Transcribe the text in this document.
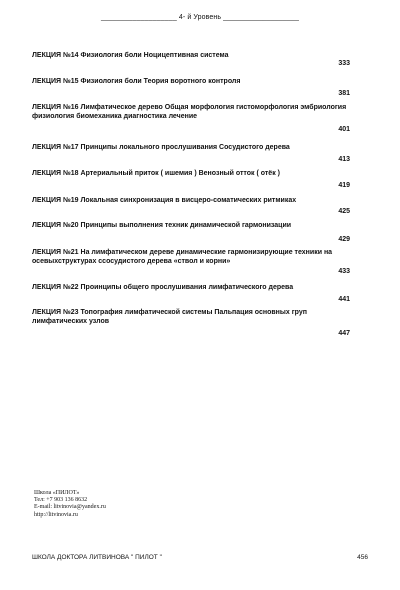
___________________ 4- й Уровень ___________________

ЛЕКЦИЯ №14 Физиология боли Ноцицептивная система

333

ЛЕКЦИЯ №15 Физиология боли Теория воротного контроля

381

ЛЕКЦИЯ №16 Лимфатическое дерево Общая морфология гистоморфология эмбриология физиология биомеханика диагностика лечение

401

ЛЕКЦИЯ №17 Принципы локального прослушивания Сосудистого дерева

413

ЛЕКЦИЯ №18 Артериальный приток ( ишемия ) Венозный отток ( отёк )

419

ЛЕКЦИЯ №19 Локальная синхронизация в висцеро-соматических ритмиках

425

ЛЕКЦИЯ №20 Принципы выполнения техник динамической гармонизации

429

ЛЕКЦИЯ №21 На лимфатическом дереве динамические гармонизирующие техники на осевыхструктурах ссосудистого дерева «ствол и корни»

433

ЛЕКЦИЯ №22 Проинципы общего прослушивания лимфатического дерева

441

ЛЕКЦИЯ №23 Топография лимфатической системы Пальпация основных груп лимфатических узлов

447
Школа «ПИЛОТ»
Тел: +7 903 136 8632
E-mail: litvinovia@yandex.ru
http://litvinovia.ru
ШКОЛА ДОКТОРА ЛИТВИНОВА " ПИЛОТ "	456
